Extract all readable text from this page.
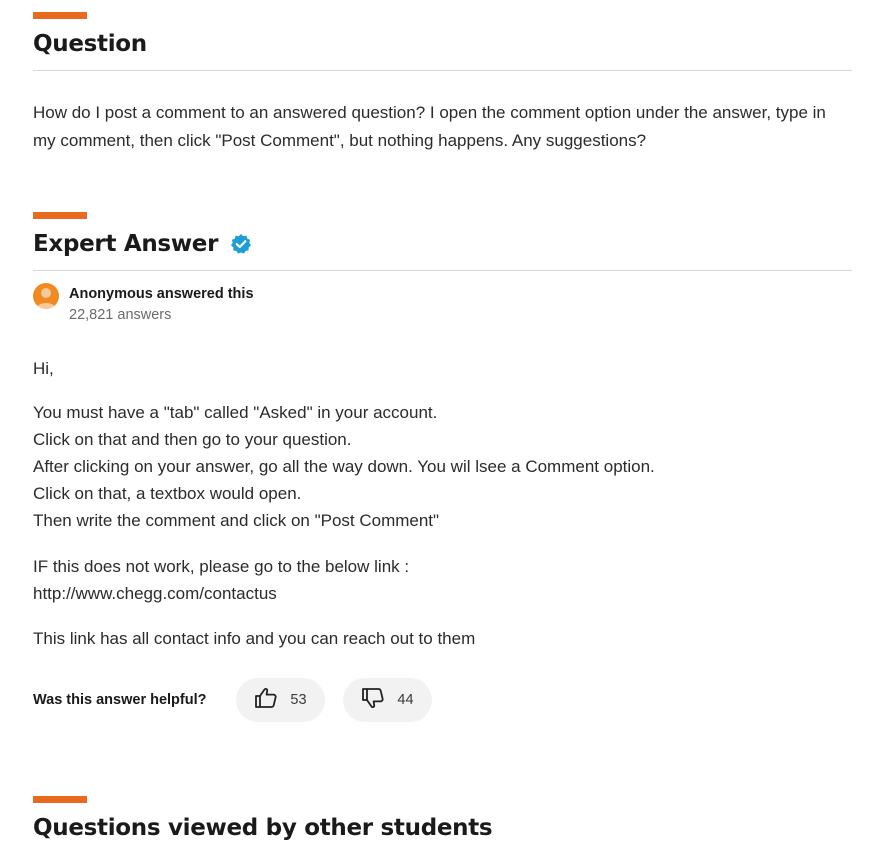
Question
How do I post a comment to an answered question? I open the comment option under the answer, type in my comment, then click "Post Comment", but nothing happens. Any suggestions?
Expert Answer
Anonymous answered this
22,821 answers
Hi,
You must have a "tab" called "Asked" in your account.
Click on that and then go to your question.
After clicking on your answer, go all the way down. You wil lsee a Comment option.
Click on that, a textbox would open.
Then write the comment and click on "Post Comment"
IF this does not work, please go to the below link :
http://www.chegg.com/contactus
This link has all contact info and you can reach out to them
Was this answer helpful?	53	44
Questions viewed by other students
